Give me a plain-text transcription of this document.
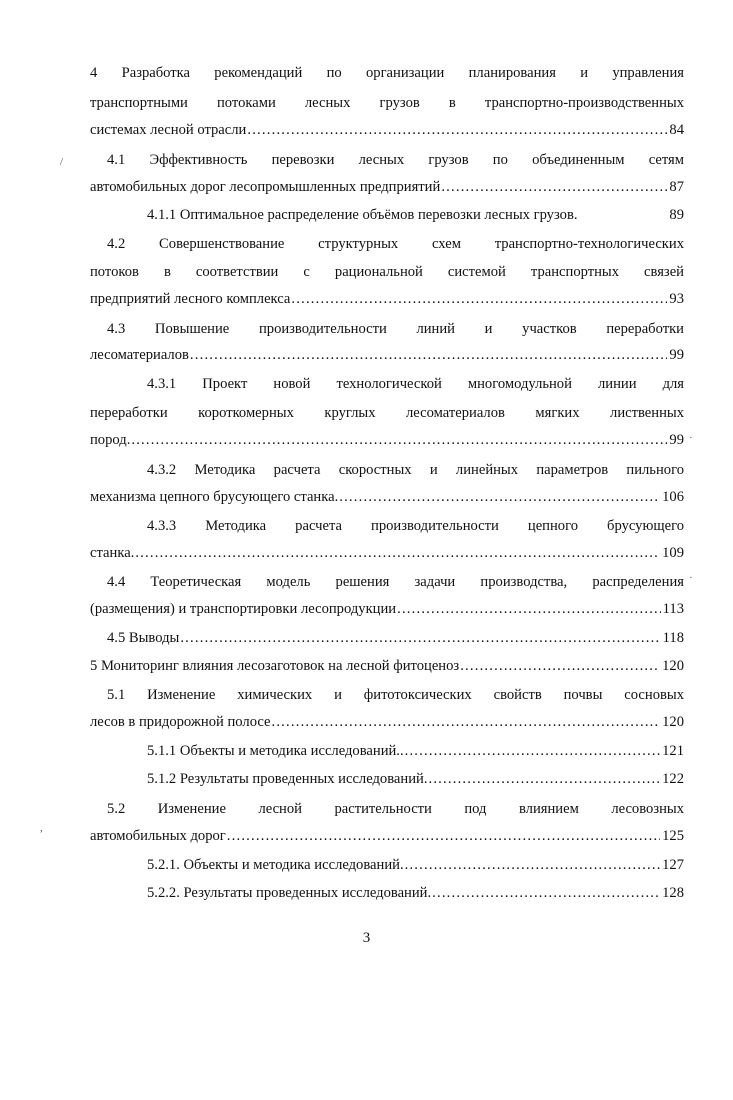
4 Разработка рекомендаций по организации планирования и управления
транспортными потоками лесных грузов в транспортно-производственных
системах лесной отрасли .....	84
4.1 Эффективность перевозки лесных грузов по объединенным сетям
автомобильных дорог лесопромышленных предприятий .....	87
4.1.1 Оптимальное распределение объёмов перевозки лесных грузов.	89
4.2 Совершенствование структурных схем транспортно-технологических
потоков в соответствии с рациональной системой транспортных связей
предприятий лесного комплекса .....	93
4.3 Повышение производительности линий и участков переработки
лесоматериалов .....	99
4.3.1 Проект новой технологической многомодульной линии для
переработки короткомерных круглых лесоматериалов мягких лиственных
пород. .....	99
4.3.2 Методика расчета скоростных и линейных параметров пильного
механизма цепного брусующего станка. .....	106
4.3.3 Методика расчета производительности цепного брусующего
станка. .....	109
4.4 Теоретическая модель решения задачи производства, распределения
(размещения) и транспортировки лесопродукции .....	113
4.5 Выводы .....	118
5 Мониторинг влияния лесозаготовок на лесной фитоценоз .....	120
5.1 Изменение химических и фитотоксических свойств почвы сосновых
лесов в придорожной полосе .....	120
5.1.1 Объекты и методика исследований.. .....	121
5.1.2 Результаты проведенных исследований. .....	122
5.2 Изменение лесной растительности под влиянием лесовозных
автомобильных дорог .....	125
5.2.1. Объекты и методика исследований. .....	127
5.2.2. Результаты проведенных исследований. .....	128
/
,
·
·
3
